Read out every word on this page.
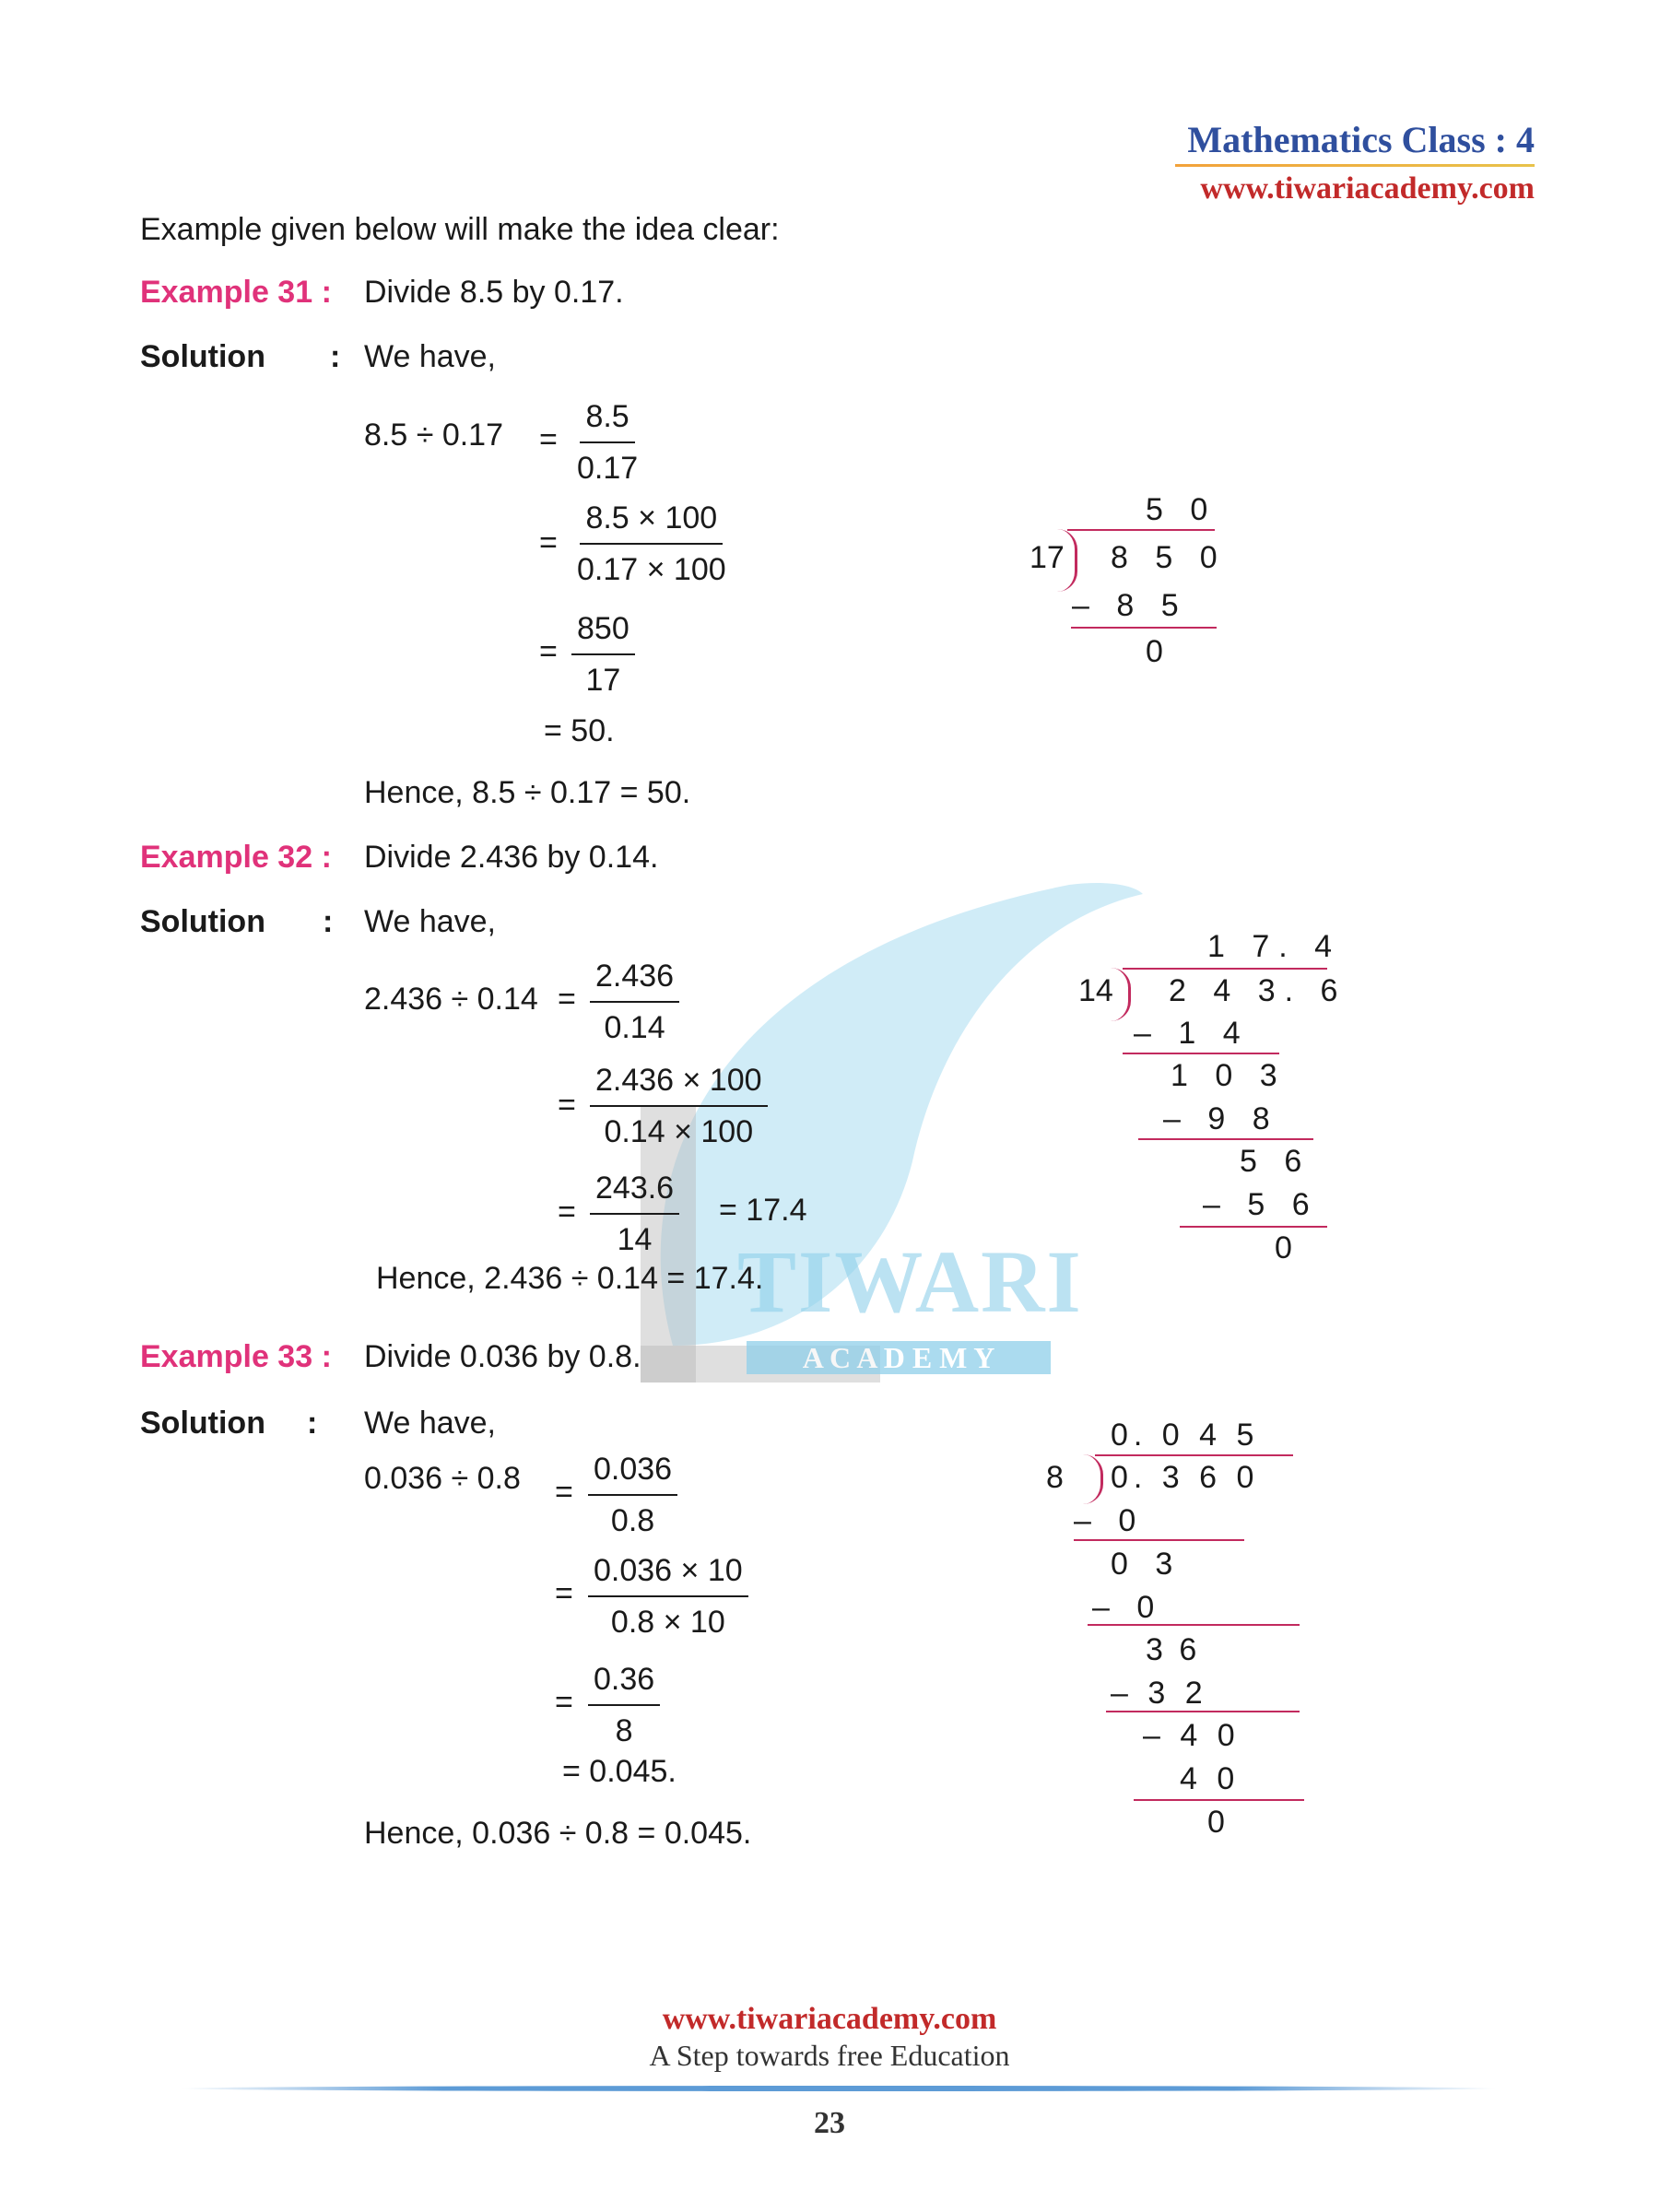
TIWARI
A C A D E M Y
Mathematics Class : 4
www.tiwariacademy.com
Example given below will make the idea clear:
Example 31 : Divide 8.5 by 0.17.
Solution : We have,
$8.5 \div 0.17 = \frac{8.5}{0.17}$
= $\frac{8.5 \times 100}{0.17 \times 100}$
= $\frac{850}{17}$
= 50.
Hence, 8.5 ÷ 0.17 = 50.
5 0
17 8 5 0
– 8 5
0
Example 32 : Divide 2.436 by 0.14.
Solution : We have,
$2.436 \div 0.14 = \frac{2.436}{0.14}$
= $\frac{2.436 \times 100}{0.14 \times 100}$
= $\frac{243.6}{14} = 17.4$
Hence, 2.436 ÷ 0.14 = 17.4.
1 7. 4
14 2 4 3. 6
– 1 4
1 0 3
– 9 8
5 6
– 5 6
0
Example 33 : Divide 0.036 by 0.8.
Solution : We have,
$0.036 \div 0.8 = \frac{0.036}{0.8}$
= $\frac{0.036 \times 10}{0.8 \times 10}$
= $\frac{0.36}{8}$
= 0.045.
Hence, 0.036 ÷ 0.8 = 0.045.
0. 0 4 5
8 0. 3 6 0
– 0
0 3
– 0
3 6
– 3 2
– 4 0
4 0
0
www.tiwariacademy.com
A Step towards free Education
23
